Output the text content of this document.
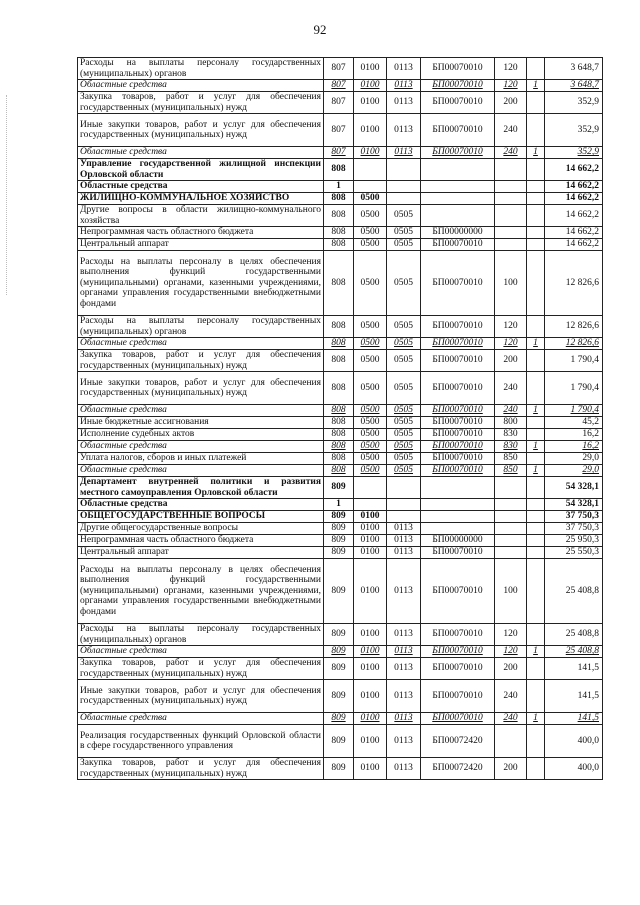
92
Расходы на выплаты персоналу государственных (муниципальных) органов	807	0100	0113	БП00070010	120		3 648,7
Областные средства	807	0100	0113	БП00070010	120	1	3 648,7
Закупка товаров, работ и услуг для обеспечения государственных (муниципальных) нужд	807	0100	0113	БП00070010	200		352,9
Иные закупки товаров, работ и услуг для обеспечения государственных (муниципальных) нужд	807	0100	0113	БП00070010	240		352,9
Областные средства	807	0100	0113	БП00070010	240	1	352,9
Управление государственной жилищной инспекции Орловской области	808						14 662,2
Областные средства	1						14 662,2
ЖИЛИЩНО-КОММУНАЛЬНОЕ ХОЗЯЙСТВО	808	0500					14 662,2
Другие вопросы в области жилищно-коммунального хозяйства	808	0500	0505				14 662,2
Непрограммная часть областного бюджета	808	0500	0505	БП00000000			14 662,2
Центральный аппарат	808	0500	0505	БП00070010			14 662,2
Расходы на выплаты персоналу в целях обеспечения выполнения функций государственными (муниципальными) органами, казенными учреждениями, органами управления государственными внебюджетными фондами	808	0500	0505	БП00070010	100		12 826,6
Расходы на выплаты персоналу государственных (муниципальных) органов	808	0500	0505	БП00070010	120		12 826,6
Областные средства	808	0500	0505	БП00070010	120	1	12 826,6
Закупка товаров, работ и услуг для обеспечения государственных (муниципальных) нужд	808	0500	0505	БП00070010	200		1 790,4
Иные закупки товаров, работ и услуг для обеспечения государственных (муниципальных) нужд	808	0500	0505	БП00070010	240		1 790,4
Областные средства	808	0500	0505	БП00070010	240	1	1 790,4
Иные бюджетные ассигнования	808	0500	0505	БП00070010	800		45,2
Исполнение судебных актов	808	0500	0505	БП00070010	830		16,2
Областные средства	808	0500	0505	БП00070010	830	1	16,2
Уплата налогов, сборов и иных платежей	808	0500	0505	БП00070010	850		29,0
Областные средства	808	0500	0505	БП00070010	850	1	29,0
Департамент внутренней политики и развития местного самоуправления Орловской области	809						54 328,1
Областные средства	1						54 328,1
ОБЩЕГОСУДАРСТВЕННЫЕ ВОПРОСЫ	809	0100					37 750,3
Другие общегосударственные вопросы	809	0100	0113				37 750,3
Непрограммная часть областного бюджета	809	0100	0113	БП00000000			25 950,3
Центральный аппарат	809	0100	0113	БП00070010			25 550,3
Расходы на выплаты персоналу в целях обеспечения выполнения функций государственными (муниципальными) органами, казенными учреждениями, органами управления государственными внебюджетными фондами	809	0100	0113	БП00070010	100		25 408,8
Расходы на выплаты персоналу государственных (муниципальных) органов	809	0100	0113	БП00070010	120		25 408,8
Областные средства	809	0100	0113	БП00070010	120	1	25 408,8
Закупка товаров, работ и услуг для обеспечения государственных (муниципальных) нужд	809	0100	0113	БП00070010	200		141,5
Иные закупки товаров, работ и услуг для обеспечения государственных (муниципальных) нужд	809	0100	0113	БП00070010	240		141,5
Областные средства	809	0100	0113	БП00070010	240	1	141,5
Реализация государственных функций Орловской области в сфере государственного управления	809	0100	0113	БП00072420			400,0
Закупка товаров, работ и услуг для обеспечения государственных (муниципальных) нужд	809	0100	0113	БП00072420	200		400,0
